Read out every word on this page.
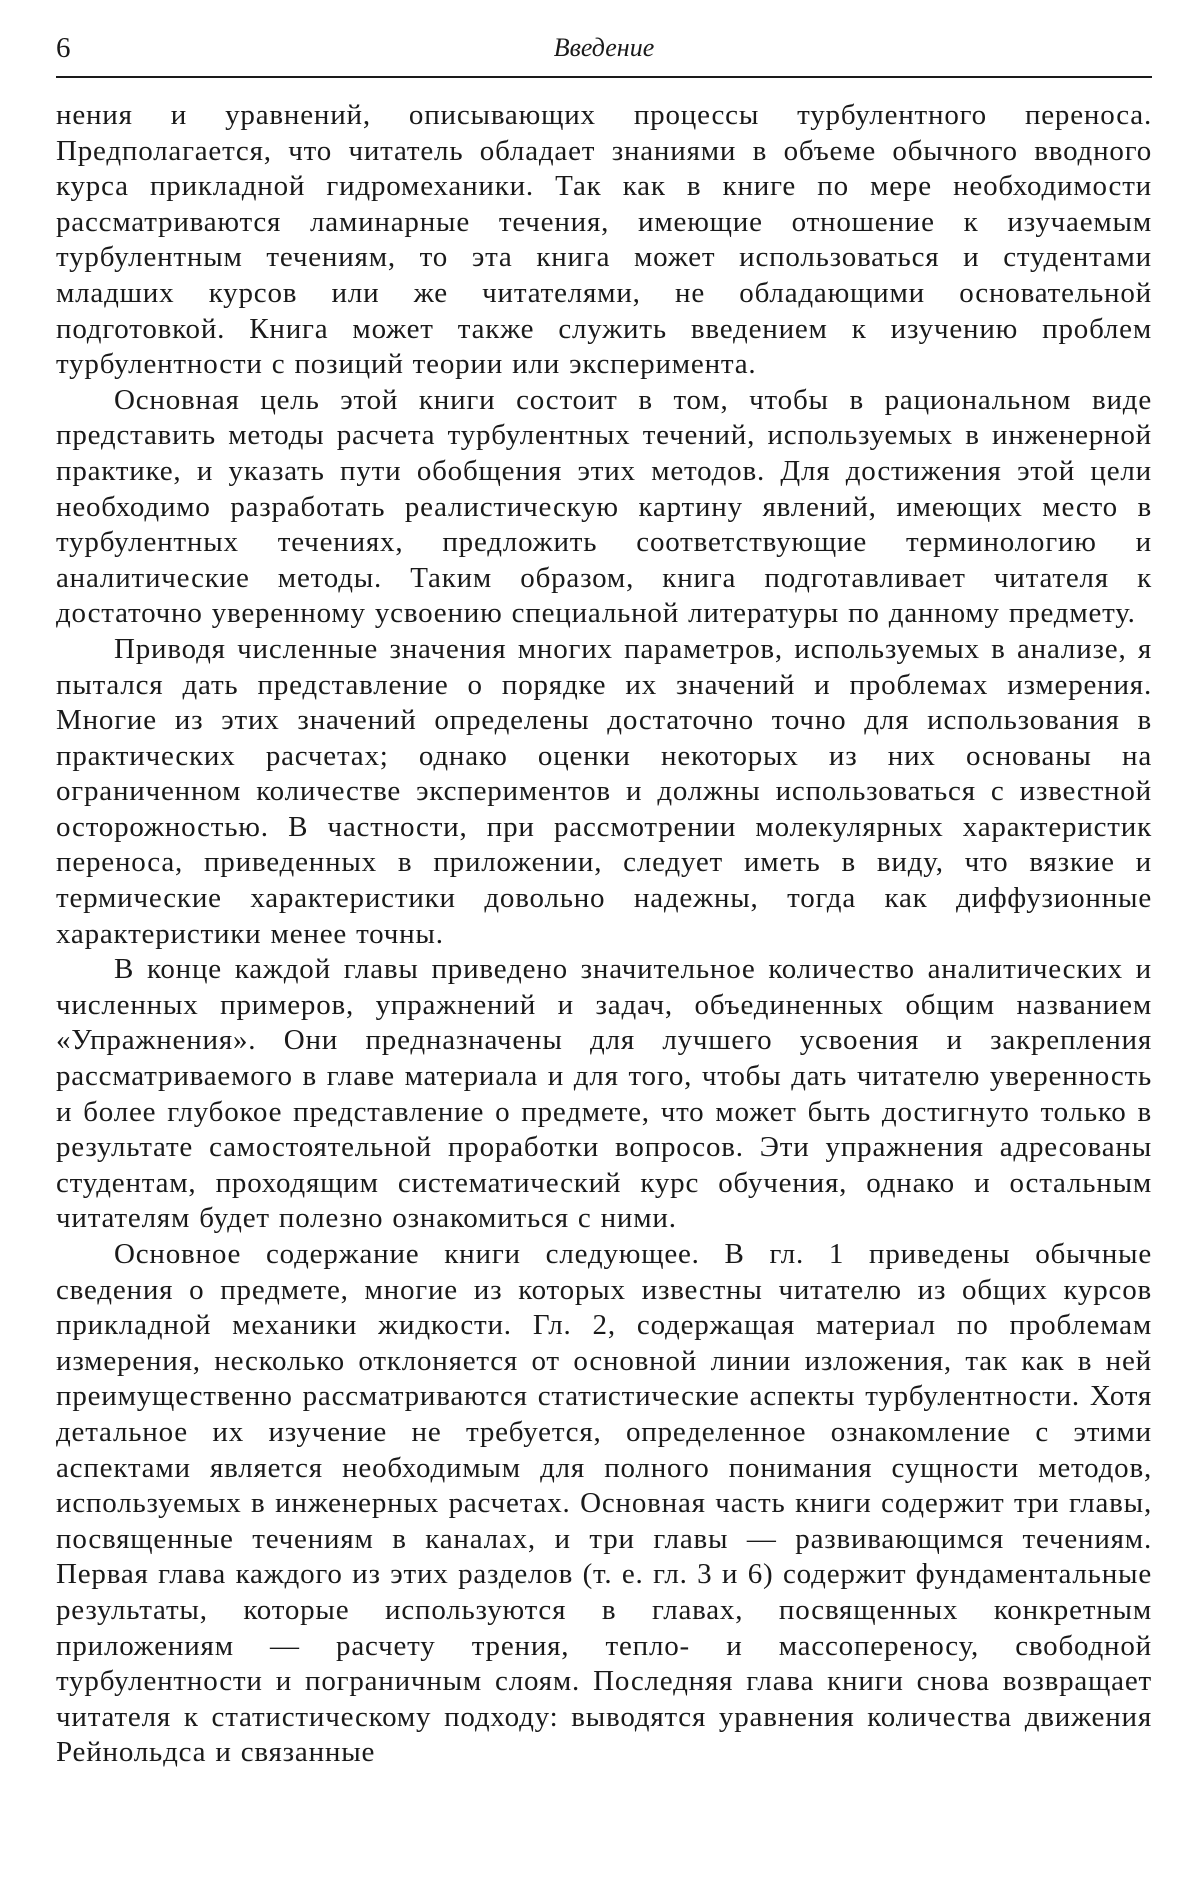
6	Введение

нения и уравнений, описывающих процессы турбулентного переноса. Предполагается, что читатель обладает знаниями в объеме обычного вводного курса прикладной гидромеханики. Так как в книге по мере необходимости рассматриваются ламинарные течения, имеющие отношение к изучаемым турбулентным течениям, то эта книга может использоваться и студентами младших курсов или же читателями, не обладающими основательной подготовкой. Книга может также служить введением к изучению проблем турбулентности с позиций теории или эксперимента.

Основная цель этой книги состоит в том, чтобы в рациональном виде представить методы расчета турбулентных течений, используемых в инженерной практике, и указать пути обобщения этих методов. Для достижения этой цели необходимо разработать реалистическую картину явлений, имеющих место в турбулентных течениях, предложить соответствующие терминологию и аналитические методы. Таким образом, книга подготавливает читателя к достаточно уверенному усвоению специальной литературы по данному предмету.

Приводя численные значения многих параметров, используемых в анализе, я пытался дать представление о порядке их значений и проблемах измерения. Многие из этих значений определены достаточно точно для использования в практических расчетах; однако оценки некоторых из них основаны на ограниченном количестве экспериментов и должны использоваться с известной осторожностью. В частности, при рассмотрении молекулярных характеристик переноса, приведенных в приложении, следует иметь в виду, что вязкие и термические характеристики довольно надежны, тогда как диффузионные характеристики менее точны.

В конце каждой главы приведено значительное количество аналитических и численных примеров, упражнений и задач, объединенных общим названием «Упражнения». Они предназначены для лучшего усвоения и закрепления рассматриваемого в главе материала и для того, чтобы дать читателю уверенность и более глубокое представление о предмете, что может быть достигнуто только в результате самостоятельной проработки вопросов. Эти упражнения адресованы студентам, проходящим систематический курс обучения, однако и остальным читателям будет полезно ознакомиться с ними.

Основное содержание книги следующее. В гл. 1 приведены обычные сведения о предмете, многие из которых известны читателю из общих курсов прикладной механики жидкости. Гл. 2, содержащая материал по проблемам измерения, несколько отклоняется от основной линии изложения, так как в ней преимущественно рассматриваются статистические аспекты турбулентности. Хотя детальное их изучение не требуется, определенное ознакомление с этими аспектами является необходимым для полного понимания сущности методов, используемых в инженерных расчетах. Основная часть книги содержит три главы, посвященные течениям в каналах, и три главы — развивающимся течениям. Первая глава каждого из этих разделов (т. е. гл. 3 и 6) содержит фундаментальные результаты, которые используются в главах, посвященных конкретным приложениям — расчету трения, тепло- и массопереносу, свободной турбулентности и пограничным слоям. Последняя глава книги снова возвращает читателя к статистическому подходу: выводятся уравнения количества движения Рейнольдса и связанные
